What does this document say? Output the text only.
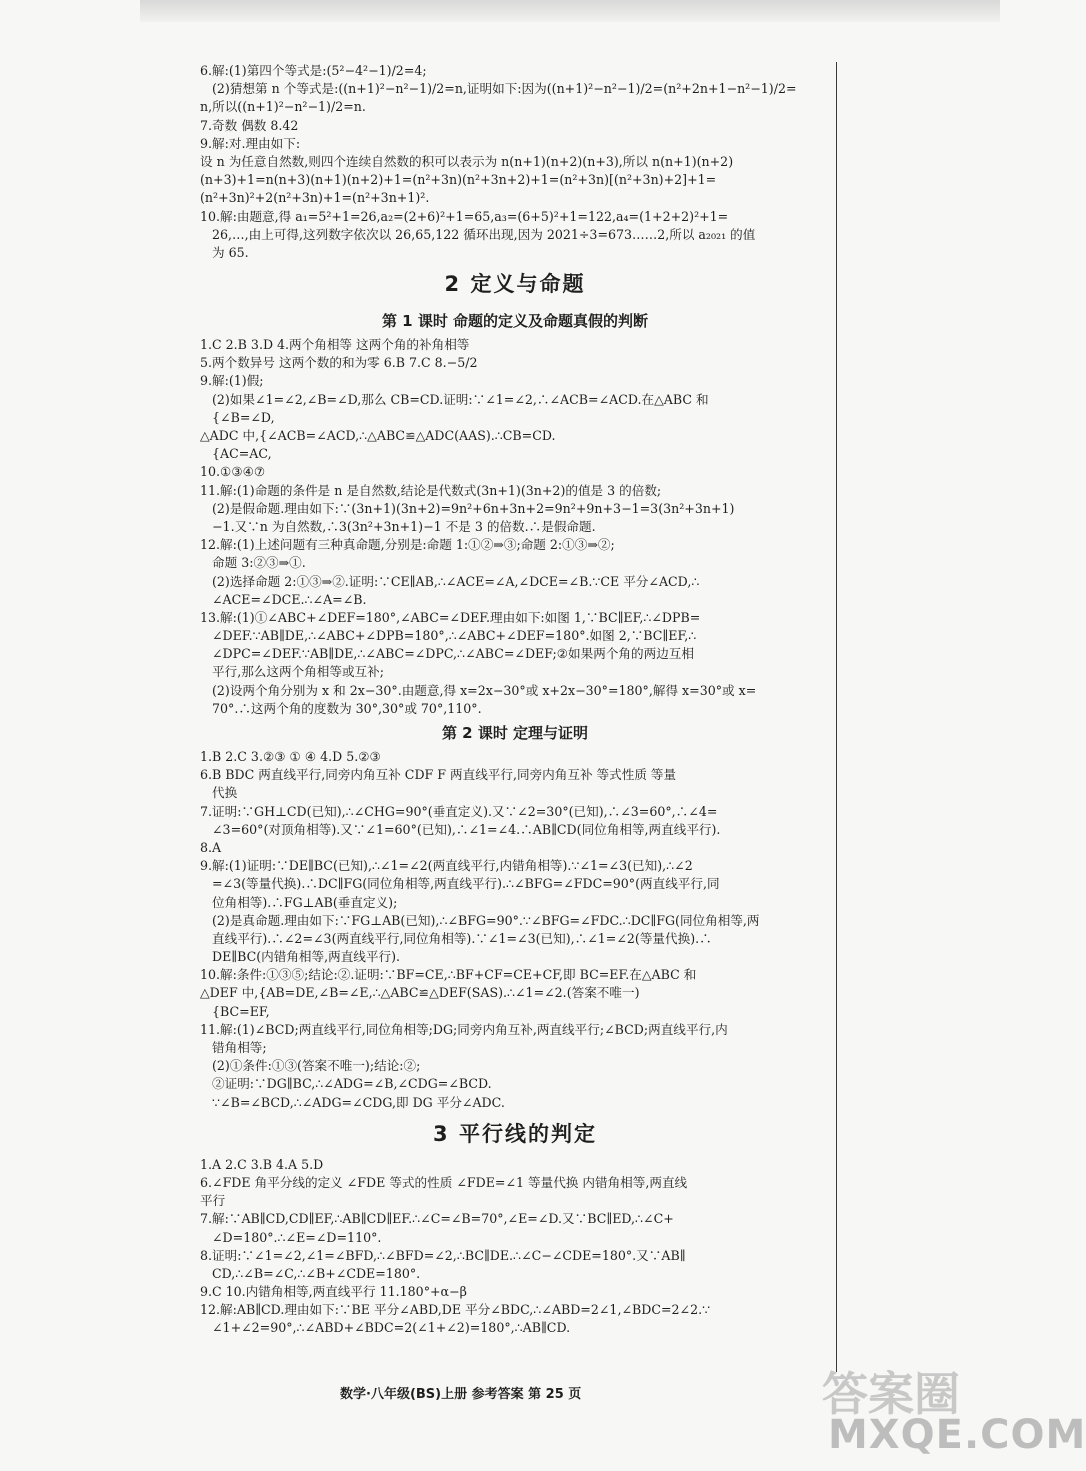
6.解:(1)第四个等式是:(5²−4²−1)/2=4;
(2)猜想第 n 个等式是:((n+1)²−n²−1)/2=n,证明如下:因为((n+1)²−n²−1)/2=(n²+2n+1−n²−1)/2=
n,所以((n+1)²−n²−1)/2=n.
7.奇数 偶数 8.42
9.解:对.理由如下:
设 n 为任意自然数,则四个连续自然数的积可以表示为 n(n+1)(n+2)(n+3),所以 n(n+1)(n+2)
(n+3)+1=n(n+3)(n+1)(n+2)+1=(n²+3n)(n²+3n+2)+1=(n²+3n)[(n²+3n)+2]+1=
(n²+3n)²+2(n²+3n)+1=(n²+3n+1)².
10.解:由题意,得 a₁=5²+1=26,a₂=(2+6)²+1=65,a₃=(6+5)²+1=122,a₄=(1+2+2)²+1=
26,…,由上可得,这列数字依次以 26,65,122 循环出现,因为 2021÷3=673……2,所以 a₂₀₂₁ 的值
为 65.
2 定义与命题
第 1 课时 命题的定义及命题真假的判断
1.C 2.B 3.D 4.两个角相等 这两个角的补角相等
5.两个数异号 这两个数的和为零 6.B 7.C 8.−5/2
9.解:(1)假;
(2)如果∠1=∠2,∠B=∠D,那么 CB=CD.证明:∵∠1=∠2,∴∠ACB=∠ACD.在△ABC 和
{∠B=∠D,
△ADC 中,{∠ACB=∠ACD,∴△ABC≌△ADC(AAS).∴CB=CD.
{AC=AC,
10.①③④⑦
11.解:(1)命题的条件是 n 是自然数,结论是代数式(3n+1)(3n+2)的值是 3 的倍数;
(2)是假命题.理由如下:∵(3n+1)(3n+2)=9n²+6n+3n+2=9n²+9n+3−1=3(3n²+3n+1)
−1.又∵n 为自然数,∴3(3n²+3n+1)−1 不是 3 的倍数.∴是假命题.
12.解:(1)上述问题有三种真命题,分别是:命题 1:①②⇒③;命题 2:①③⇒②;
命题 3:②③⇒①.
(2)选择命题 2:①③⇒②.证明:∵CE∥AB,∴∠ACE=∠A,∠DCE=∠B.∵CE 平分∠ACD,∴
∠ACE=∠DCE.∴∠A=∠B.
13.解:(1)①∠ABC+∠DEF=180°,∠ABC=∠DEF.理由如下:如图 1,∵BC∥EF,∴∠DPB=
∠DEF.∵AB∥DE,∴∠ABC+∠DPB=180°,∴∠ABC+∠DEF=180°.如图 2,∵BC∥EF,∴
∠DPC=∠DEF.∵AB∥DE,∴∠ABC=∠DPC,∴∠ABC=∠DEF;②如果两个角的两边互相
平行,那么这两个角相等或互补;
(2)设两个角分别为 x 和 2x−30°.由题意,得 x=2x−30°或 x+2x−30°=180°,解得 x=30°或 x=
70°.∴这两个角的度数为 30°,30°或 70°,110°.
第 2 课时 定理与证明
1.B 2.C 3.②③ ① ④ 4.D 5.②③
6.B BDC 两直线平行,同旁内角互补 CDF F 两直线平行,同旁内角互补 等式性质 等量
代换
7.证明:∵GH⊥CD(已知),∴∠CHG=90°(垂直定义).又∵∠2=30°(已知),∴∠3=60°,∴∠4=
∠3=60°(对顶角相等).又∵∠1=60°(已知),∴∠1=∠4.∴AB∥CD(同位角相等,两直线平行).
8.A
9.解:(1)证明:∵DE∥BC(已知),∴∠1=∠2(两直线平行,内错角相等).∵∠1=∠3(已知),∴∠2
=∠3(等量代换).∴DC∥FG(同位角相等,两直线平行).∴∠BFG=∠FDC=90°(两直线平行,同
位角相等).∴FG⊥AB(垂直定义);
(2)是真命题.理由如下:∵FG⊥AB(已知),∴∠BFG=90°.∵∠BFG=∠FDC.∴DC∥FG(同位角相等,两
直线平行).∴∠2=∠3(两直线平行,同位角相等).∵∠1=∠3(已知),∴∠1=∠2(等量代换).∴
DE∥BC(内错角相等,两直线平行).
10.解:条件:①③⑤;结论:②.证明:∵BF=CE,∴BF+CF=CE+CF,即 BC=EF.在△ABC 和
△DEF 中,{AB=DE,∠B=∠E,∴△ABC≌△DEF(SAS).∴∠1=∠2.(答案不唯一)
{BC=EF,
11.解:(1)∠BCD;两直线平行,同位角相等;DG;同旁内角互补,两直线平行;∠BCD;两直线平行,内
错角相等;
(2)①条件:①③(答案不唯一);结论:②;
②证明:∵DG∥BC,∴∠ADG=∠B,∠CDG=∠BCD.
∵∠B=∠BCD,∴∠ADG=∠CDG,即 DG 平分∠ADC.
3 平行线的判定
1.A 2.C 3.B 4.A 5.D
6.∠FDE 角平分线的定义 ∠FDE 等式的性质 ∠FDE=∠1 等量代换 内错角相等,两直线
平行
7.解:∵AB∥CD,CD∥EF,∴AB∥CD∥EF.∴∠C=∠B=70°,∠E=∠D.又∵BC∥ED,∴∠C+
∠D=180°.∴∠E=∠D=110°.
8.证明:∵∠1=∠2,∠1=∠BFD,∴∠BFD=∠2,∴BC∥DE.∴∠C−∠CDE=180°.又∵AB∥
CD,∴∠B=∠C,∴∠B+∠CDE=180°.
9.C 10.内错角相等,两直线平行 11.180°+α−β
12.解:AB∥CD.理由如下:∵BE 平分∠ABD,DE 平分∠BDC,∴∠ABD=2∠1,∠BDC=2∠2.∵
∠1+∠2=90°,∴∠ABD+∠BDC=2(∠1+∠2)=180°,∴AB∥CD.
数学·八年级(BS)上册 参考答案 第 25 页	答案圈
MXQE.COM
